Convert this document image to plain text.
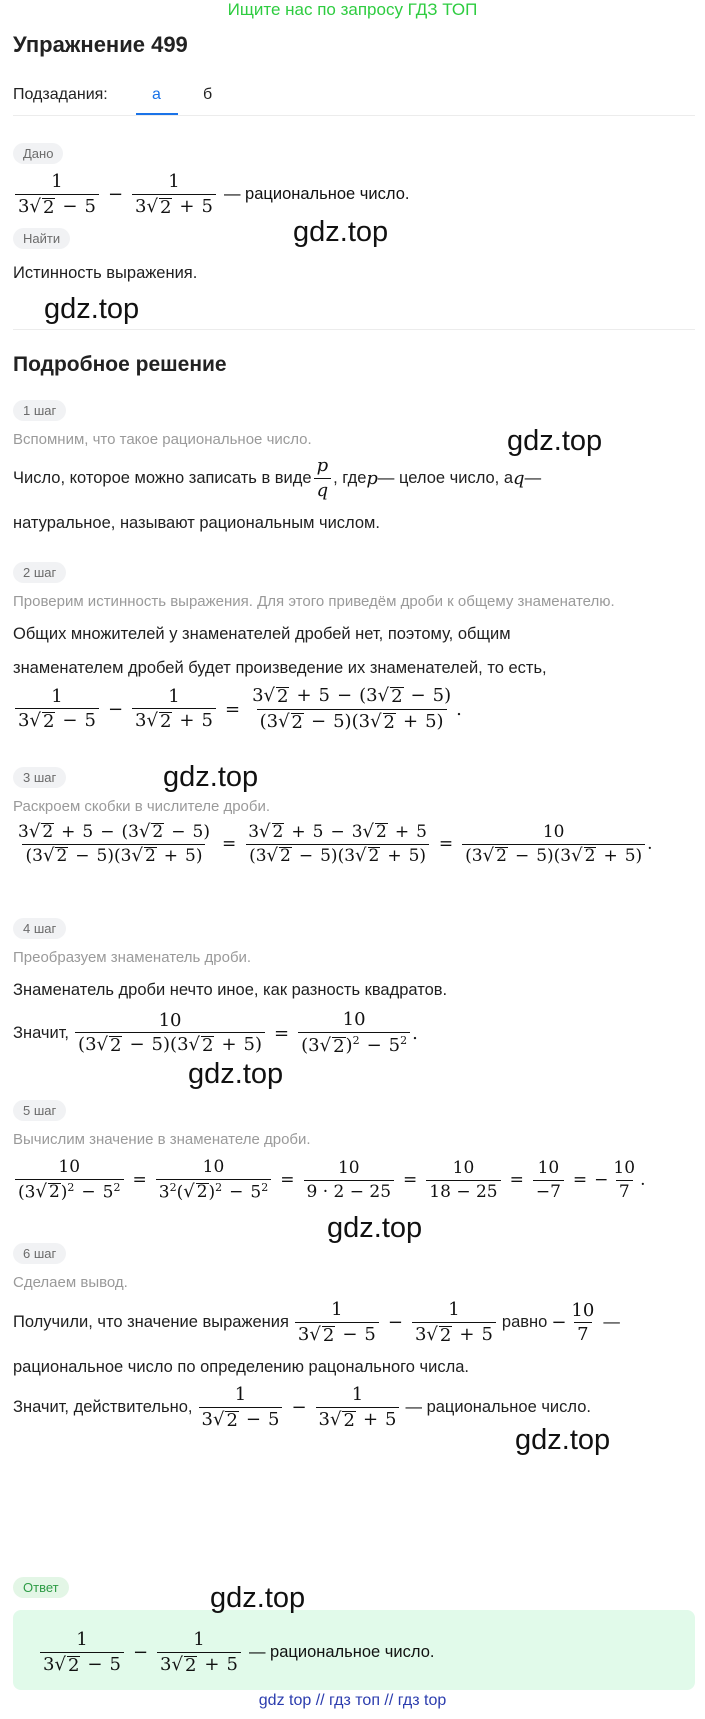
Ищите нас по запросу ГДЗ ТОП
Упражнение 499
Подзадания:	а	б
Дано
$\frac{1}{3 √ 2 - 5} - \frac{1}{3 √ 2 + 5}$ — рациональное число.
Найти	gdz.top
Истинность выражения.
gdz.top
Подробное решение
1 шаг
Вспомним, что такое рациональное число.	gdz.top
Число, которое можно записать в виде $\frac{p}{q}$ , где p — целое число, а q —
натуральное, называют рациональным числом.
2 шаг
Проверим истинность выражения. Для этого приведём дроби к общему знаменателю.
Общих множителей у знаменателей дробей нет, поэтому, общим
знаменателем дробей будет произведение их знаменателей, то есть,
$\frac{1}{3 √ 2 - 5} - \frac{1}{3 √ 2 + 5} = \frac{3 √ 2 + 5 - (3 √ 2 - 5)}{(3 √ 2 - 5)(3 √ 2 + 5)}$ .
3 шаг	gdz.top
Раскроем скобки в числителе дроби.
$\frac{3 √ 2 + 5 - (3 √ 2 - 5)}{(3 √ 2 - 5)(3 √ 2 + 5)} = \frac{3 √ 2 + 5 - 3 √ 2 + 5}{(3 √ 2 - 5)(3 √ 2 + 5)} = \frac{10}{(3 √ 2 - 5)(3 √ 2 + 5)}$ .
4 шаг
Преобразуем знаменатель дроби.
Знаменатель дроби нечто иное, как разность квадратов.
Значит, $\frac{10}{(3 √ 2 - 5)(3 √ 2 + 5)} = \frac{10}{(3 √ 2 )^2 - 5^2}$ .
gdz.top
5 шаг
Вычислим значение в знаменателе дроби.
$\frac{10}{(3 √ 2 )^2 - 5^2} = \frac{10}{3^2( √ 2 )^2 - 5^2} = \frac{10}{9 \cdot 2 - 25} = \frac{10}{18 - 25} = \frac{10}{-7}$ = − $\frac{10}{7}$ .
gdz.top
6 шаг
Сделаем вывод.
Получили, что значение выражения $\frac{1}{3 √ 2 - 5} - \frac{1}{3 √ 2 + 5}$ равно − $\frac{10}{7}$ —
рациональное число по определению рацонального числа.
Значит, действительно, $\frac{1}{3 √ 2 - 5} - \frac{1}{3 √ 2 + 5}$ — рациональное число.
gdz.top
Ответ	gdz.top
$\frac{1}{3 √ 2 - 5} - \frac{1}{3 √ 2 + 5}$ — рациональное число.
gdz top // гдз топ // гдз top
